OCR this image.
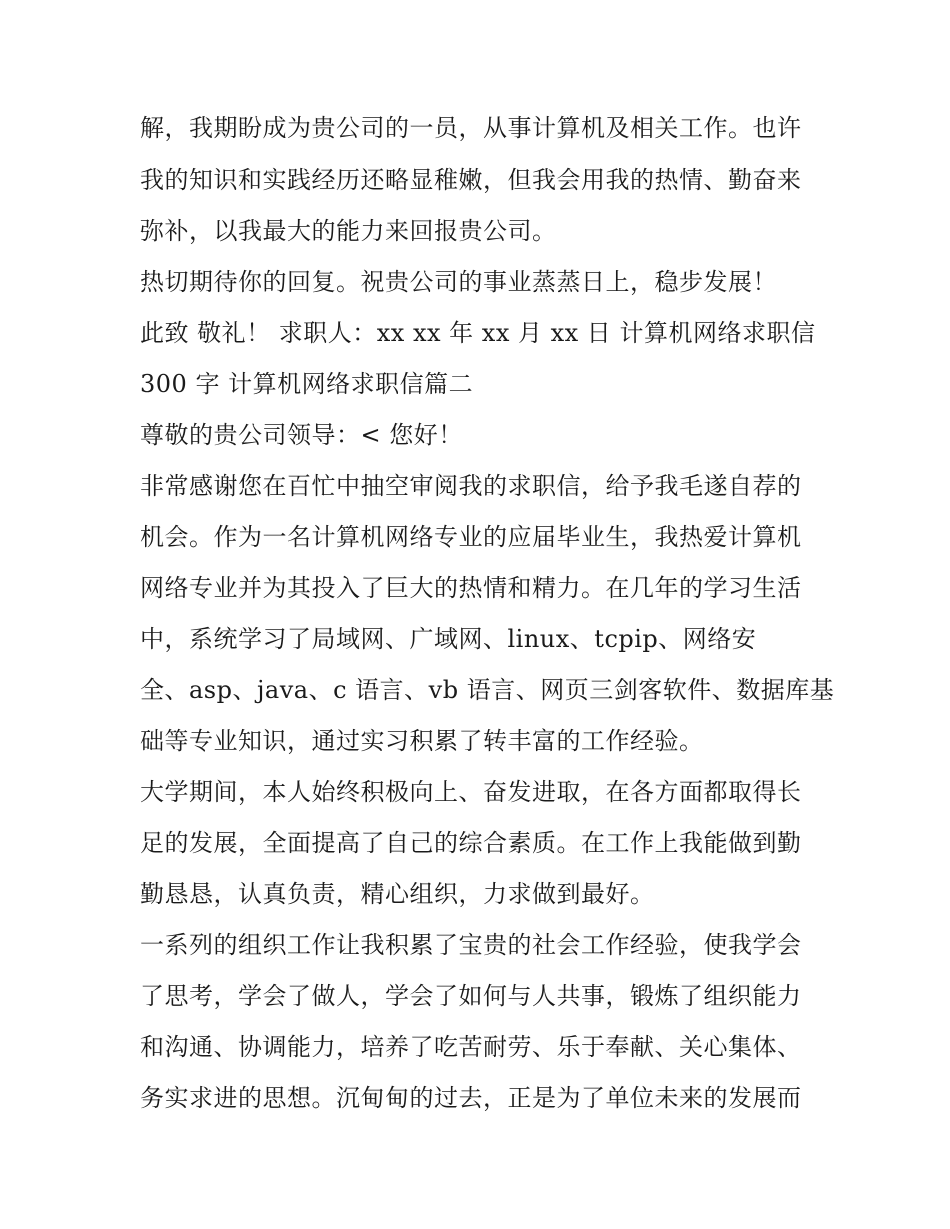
解，我期盼成为贵公司的一员，从事计算机及相关工作。也许
我的知识和实践经历还略显稚嫩，但我会用我的热情、勤奋来
弥补，以我最大的能力来回报贵公司。
热切期待你的回复。祝贵公司的事业蒸蒸日上，稳步发展！
此致 敬礼！ 求职人：xx xx 年 xx 月 xx 日 计算机网络求职信
300 字 计算机网络求职信篇二
尊敬的贵公司领导：< 您好！
非常感谢您在百忙中抽空审阅我的求职信，给予我毛遂自荐的
机会。作为一名计算机网络专业的应届毕业生，我热爱计算机
网络专业并为其投入了巨大的热情和精力。在几年的学习生活
中，系统学习了局域网、广域网、linux、tcpip、网络安
全、asp、java、c 语言、vb 语言、网页三剑客软件、数据库基
础等专业知识，通过实习积累了转丰富的工作经验。
大学期间，本人始终积极向上、奋发进取，在各方面都取得长
足的发展，全面提高了自己的综合素质。在工作上我能做到勤
勤恳恳，认真负责，精心组织，力求做到最好。
一系列的组织工作让我积累了宝贵的社会工作经验，使我学会
了思考，学会了做人，学会了如何与人共事，锻炼了组织能力
和沟通、协调能力，培养了吃苦耐劳、乐于奉献、关心集体、
务实求进的思想。沉甸甸的过去，正是为了单位未来的发展而
